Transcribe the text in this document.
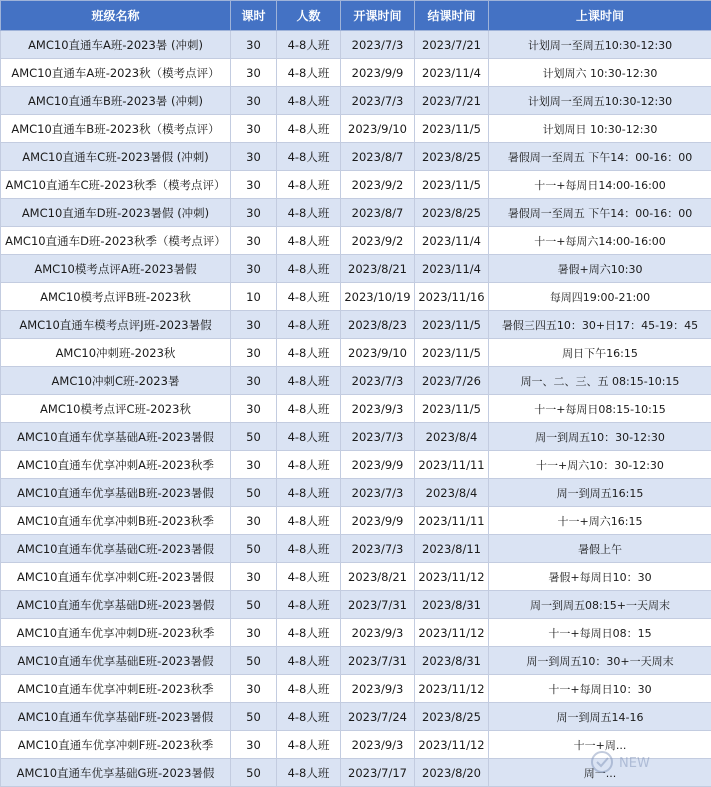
班级名称	课时	人数	开课时间	结课时间	上课时间
AMC10直通车A班-2023暑 (冲刺)	30	4-8人班	2023/7/3	2023/7/21	计划周一至周五10:30-12:30
AMC10直通车A班-2023秋（模考点评）	30	4-8人班	2023/9/9	2023/11/4	计划周六 10:30-12:30
AMC10直通车B班-2023暑 (冲刺)	30	4-8人班	2023/7/3	2023/7/21	计划周一至周五10:30-12:30
AMC10直通车B班-2023秋（模考点评）	30	4-8人班	2023/9/10	2023/11/5	计划周日 10:30-12:30
AMC10直通车C班-2023暑假 (冲刺)	30	4-8人班	2023/8/7	2023/8/25	暑假周一至周五 下午14：00-16：00
AMC10直通车C班-2023秋季（模考点评）	30	4-8人班	2023/9/2	2023/11/5	十一+每周日14:00-16:00
AMC10直通车D班-2023暑假 (冲刺)	30	4-8人班	2023/8/7	2023/8/25	暑假周一至周五 下午14：00-16：00
AMC10直通车D班-2023秋季（模考点评）	30	4-8人班	2023/9/2	2023/11/4	十一+每周六14:00-16:00
AMC10模考点评A班-2023暑假	30	4-8人班	2023/8/21	2023/11/4	暑假+周六10:30
AMC10模考点评B班-2023秋	10	4-8人班	2023/10/19	2023/11/16	每周四19:00-21:00
AMC10直通车模考点评J班-2023暑假	30	4-8人班	2023/8/23	2023/11/5	暑假三四五10：30+日17：45-19：45
AMC10冲刺班-2023秋	30	4-8人班	2023/9/10	2023/11/5	周日下午16:15
AMC10冲刺C班-2023暑	30	4-8人班	2023/7/3	2023/7/26	周一、二、三、五 08:15-10:15
AMC10模考点评C班-2023秋	30	4-8人班	2023/9/3	2023/11/5	十一+每周日08:15-10:15
AMC10直通车优享基础A班-2023暑假	50	4-8人班	2023/7/3	2023/8/4	周一到周五10：30-12:30
AMC10直通车优享冲刺A班-2023秋季	30	4-8人班	2023/9/9	2023/11/11	十一+周六10：30-12:30
AMC10直通车优享基础B班-2023暑假	50	4-8人班	2023/7/3	2023/8/4	周一到周五16:15
AMC10直通车优享冲刺B班-2023秋季	30	4-8人班	2023/9/9	2023/11/11	十一+周六16:15
AMC10直通车优享基础C班-2023暑假	50	4-8人班	2023/7/3	2023/8/11	暑假上午
AMC10直通车优享冲刺C班-2023暑假	30	4-8人班	2023/8/21	2023/11/12	暑假+每周日10：30
AMC10直通车优享基础D班-2023暑假	50	4-8人班	2023/7/31	2023/8/31	周一到周五08:15+一天周末
AMC10直通车优享冲刺D班-2023秋季	30	4-8人班	2023/9/3	2023/11/12	十一+每周日08：15
AMC10直通车优享基础E班-2023暑假	50	4-8人班	2023/7/31	2023/8/31	周一到周五10：30+一天周末
AMC10直通车优享冲刺E班-2023秋季	30	4-8人班	2023/9/3	2023/11/12	十一+每周日10：30
AMC10直通车优享基础F班-2023暑假	50	4-8人班	2023/7/24	2023/8/25	周一到周五14-16
AMC10直通车优享冲刺F班-2023秋季	30	4-8人班	2023/9/3	2023/11/12	十一+周...
AMC10直通车优享基础G班-2023暑假	50	4-8人班	2023/7/17	2023/8/20	周一...
NEW
